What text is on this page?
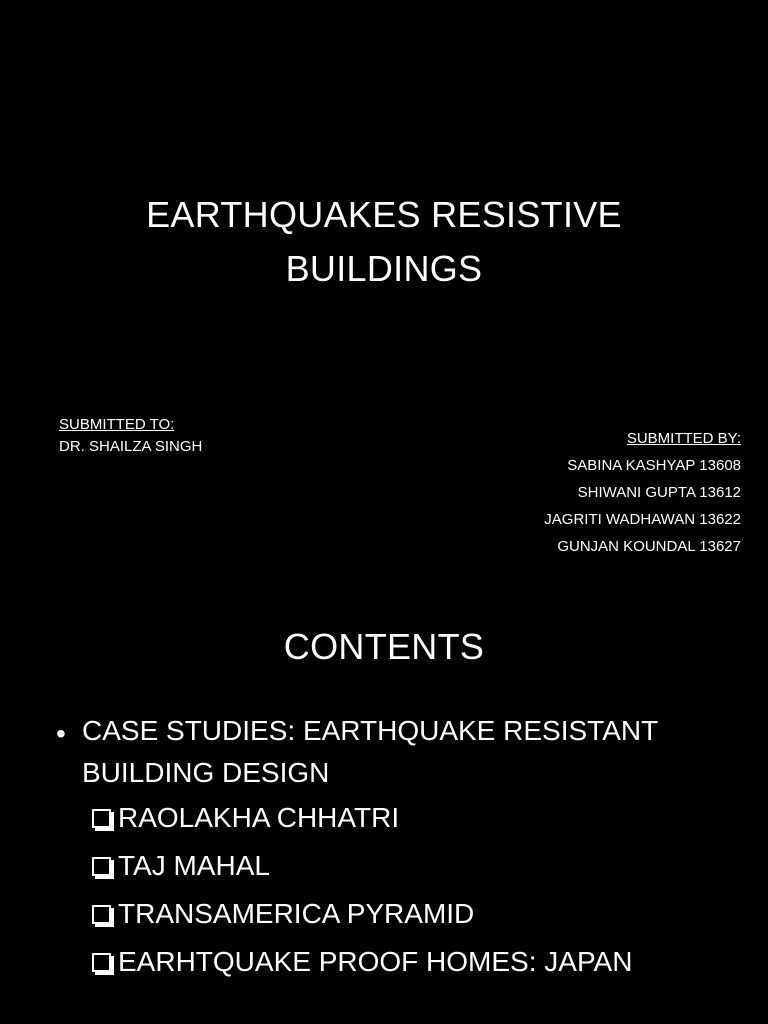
EARTHQUAKES RESISTIVE
BUILDINGS
SUBMITTED TO:
DR. SHAILZA SINGH	SUBMITTED BY:
SABINA KASHYAP 13608
SHIWANI GUPTA 13612
JAGRITI WADHAWAN 13622
GUNJAN KOUNDAL 13627
CONTENTS
• CASE STUDIES: EARTHQUAKE RESISTANT BUILDING DESIGN
RAOLAKHA CHHATRI
TAJ MAHAL
TRANSAMERICA PYRAMID
EARHTQUAKE PROOF HOMES: JAPAN
